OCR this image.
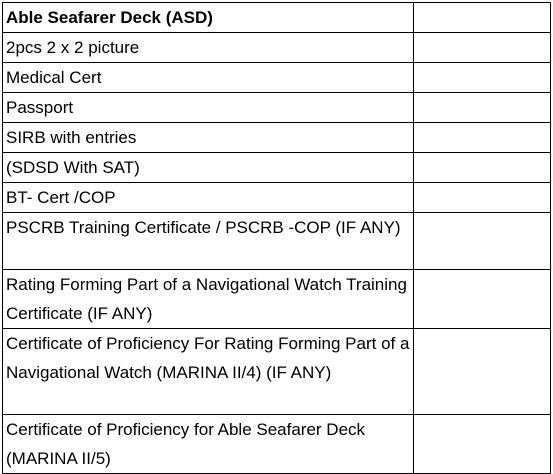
Able Seafarer Deck (ASD)	
2pcs 2 x 2 picture	
Medical Cert	
Passport	
SIRB with entries	
(SDSD With SAT)	
BT- Cert /COP	
PSCRB Training Certificate / PSCRB -COP (IF ANY)	
Rating Forming Part of a Navigational Watch Training Certificate (IF ANY)	
Certificate of Proficiency For Rating Forming Part of a Navigational Watch (MARINA II/4) (IF ANY)	
Certificate of Proficiency for Able Seafarer Deck (MARINA II/5)	
